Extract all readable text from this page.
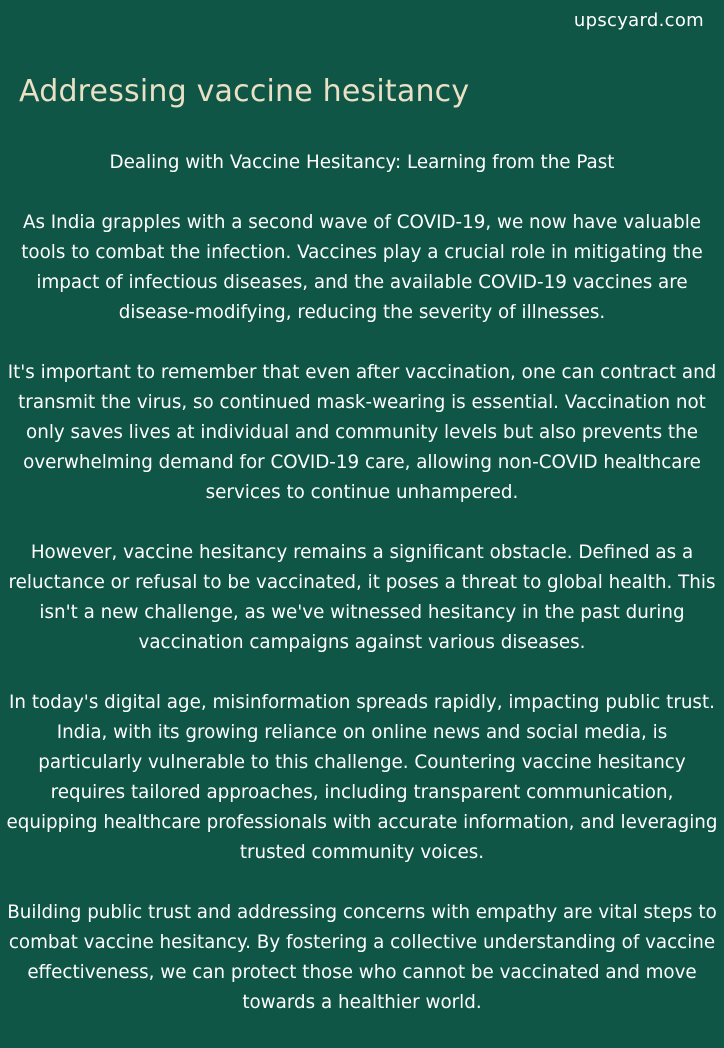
upscyard.com
Addressing vaccine hesitancy

Dealing with Vaccine Hesitancy: Learning from the Past

As India grapples with a second wave of COVID-19, we now have valuable tools to combat the infection. Vaccines play a crucial role in mitigating the impact of infectious diseases, and the available COVID-19 vaccines are disease-modifying, reducing the severity of illnesses.

It's important to remember that even after vaccination, one can contract and transmit the virus, so continued mask-wearing is essential. Vaccination not only saves lives at individual and community levels but also prevents the overwhelming demand for COVID-19 care, allowing non-COVID healthcare services to continue unhampered.

However, vaccine hesitancy remains a significant obstacle. Defined as a reluctance or refusal to be vaccinated, it poses a threat to global health. This isn't a new challenge, as we've witnessed hesitancy in the past during vaccination campaigns against various diseases.

In today's digital age, misinformation spreads rapidly, impacting public trust. India, with its growing reliance on online news and social media, is particularly vulnerable to this challenge. Countering vaccine hesitancy requires tailored approaches, including transparent communication, equipping healthcare professionals with accurate information, and leveraging trusted community voices.

Building public trust and addressing concerns with empathy are vital steps to combat vaccine hesitancy. By fostering a collective understanding of vaccine effectiveness, we can protect those who cannot be vaccinated and move towards a healthier world.
